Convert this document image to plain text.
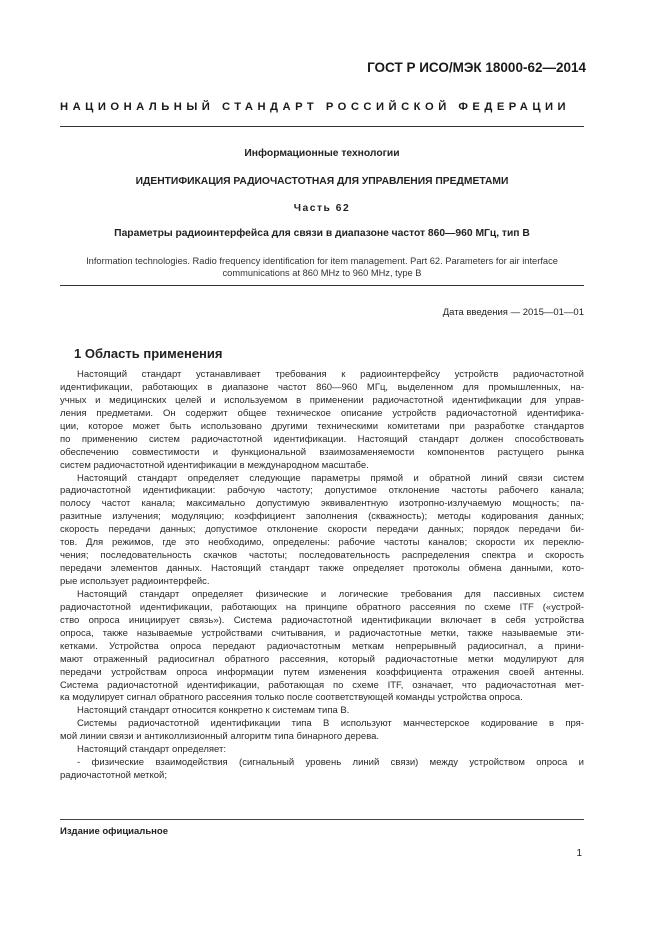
ГОСТ Р ИСО/МЭК 18000-62—2014
НАЦИОНАЛЬНЫЙ СТАНДАРТ РОССИЙСКОЙ ФЕДЕРАЦИИ
Информационные технологии
ИДЕНТИФИКАЦИЯ РАДИОЧАСТОТНАЯ ДЛЯ УПРАВЛЕНИЯ ПРЕДМЕТАМИ
Часть 62
Параметры радиоинтерфейса для связи в диапазоне частот 860—960 МГц, тип В
Information technologies. Radio frequency identification for item management. Part 62. Parameters for air interface
communications at 860 MHz to 960 MHz, type B
Дата введения — 2015—01—01
1 Область применения
Настоящий стандарт устанавливает требования к радиоинтерфейсу устройств радиочастотной
идентификации, работающих в диапазоне частот 860—960 МГц, выделенном для промышленных, на-
учных и медицинских целей и используемом в применении радиочастотной идентификации для управ-
ления предметами. Он содержит общее техническое описание устройств радиочастотной идентифика-
ции, которое может быть использовано другими техническими комитетами при разработке стандартов
по применению систем радиочастотной идентификации. Настоящий стандарт должен способствовать
обеспечению совместимости и функциональной взаимозаменяемости компонентов растущего рынка
систем радиочастотной идентификации в международном масштабе.
Настоящий стандарт определяет следующие параметры прямой и обратной линий связи систем
радиочастотной идентификации: рабочую частоту; допустимое отклонение частоты рабочего канала;
полосу частот канала; максимально допустимую эквивалентную изотропно-излучаемую мощность; па-
разитные излучения; модуляцию; коэффициент заполнения (скважность); методы кодирования данных;
скорость передачи данных; допустимое отклонение скорости передачи данных; порядок передачи би-
тов. Для режимов, где это необходимо, определены: рабочие частоты каналов; скорости их переклю-
чения; последовательность скачков частоты; последовательность распределения спектра и скорость
передачи элементов данных. Настоящий стандарт также определяет протоколы обмена данными, кото-
рые использует радиоинтерфейс.
Настоящий стандарт определяет физические и логические требования для пассивных систем
радиочастотной идентификации, работающих на принципе обратного рассеяния по схеме ITF («устрой-
ство опроса инициирует связь»). Система радиочастотной идентификации включает в себя устройства
опроса, также называемые устройствами считывания, и радиочастотные метки, также называемые эти-
кетками. Устройства опроса передают радиочастотным меткам непрерывный радиосигнал, а прини-
мают отраженный радиосигнал обратного рассеяния, который радиочастотные метки модулируют для
передачи устройствам опроса информации путем изменения коэффициента отражения своей антенны.
Система радиочастотной идентификации, работающая по схеме ITF, означает, что радиочастотная мет-
ка модулирует сигнал обратного рассеяния только после соответствующей команды устройства опроса.
Настоящий стандарт относится конкретно к системам типа В.
Системы радиочастотной идентификации типа В используют манчестерское кодирование в пря-
мой линии связи и антиколлизионный алгоритм типа бинарного дерева.
Настоящий стандарт определяет:
- физические взаимодействия (сигнальный уровень линий связи) между устройством опроса и
радиочастотной меткой;
Издание официальное
1
